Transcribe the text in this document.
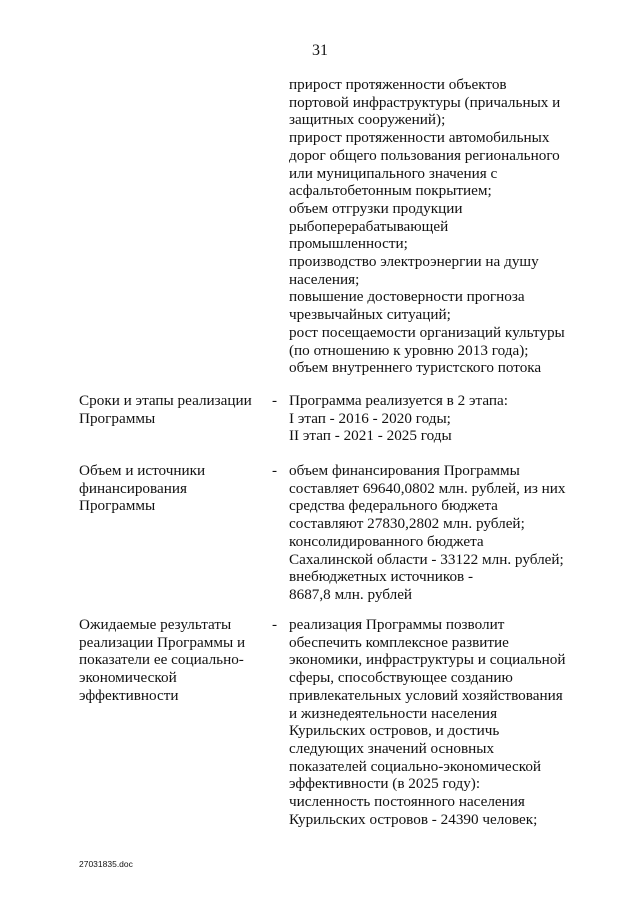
31
прирост протяженности объектов
портовой инфраструктуры (причальных и
защитных сооружений);
прирост протяженности автомобильных
дорог общего пользования регионального
или муниципального значения с
асфальтобетонным покрытием;
объем отгрузки продукции
рыбоперерабатывающей
промышленности;
производство электроэнергии на душу
населения;
повышение достоверности прогноза
чрезвычайных ситуаций;
рост посещаемости организаций культуры
(по отношению к уровню 2013 года);
объем внутреннего туристского потока
Сроки и этапы реализации
Программы
- Программа реализуется в 2 этапа:
I этап - 2016 - 2020 годы;
II этап - 2021 - 2025 годы
Объем и источники
финансирования
Программы
- объем финансирования Программы
составляет 69640,0802 млн. рублей, из них
средства федерального бюджета
составляют 27830,2802 млн. рублей;
консолидированного бюджета
Сахалинской области - 33122 млн. рублей;
внебюджетных источников -
8687,8 млн. рублей
Ожидаемые результаты
реализации Программы и
показатели ее социально-
экономической
эффективности
- реализация Программы позволит
обеспечить комплексное развитие
экономики, инфраструктуры и социальной
сферы, способствующее созданию
привлекательных условий хозяйствования
и жизнедеятельности населения
Курильских островов, и достичь
следующих значений основных
показателей социально-экономической
эффективности (в 2025 году):
численность постоянного населения
Курильских островов - 24390 человек;
27031835.doc
